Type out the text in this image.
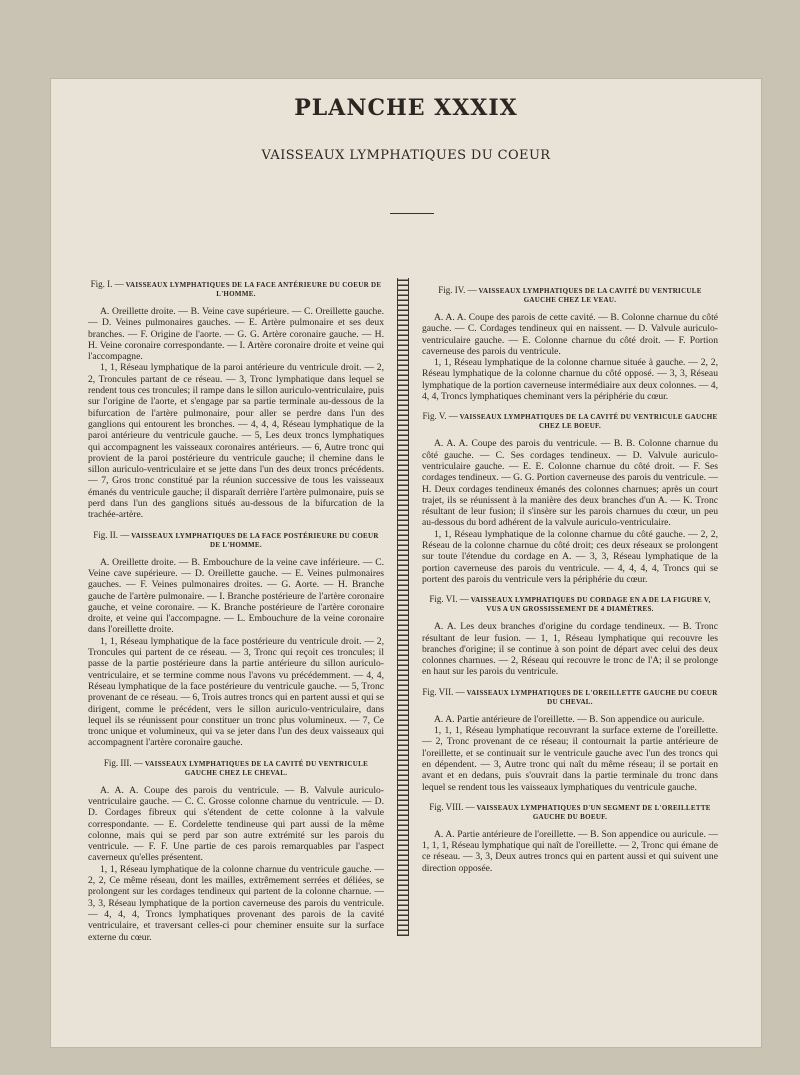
PLANCHE XXXIX
VAISSEAUX LYMPHATIQUES DU COEUR
Fig. I. — VAISSEAUX LYMPHATIQUES DE LA FACE ANTÉRIEURE DU COEUR DE L'HOMME.

A. Oreillette droite. — B. Veine cave supérieure. — C. Oreillette gauche. — D. Veines pulmonaires gauches. — E. Artère pulmonaire et ses deux branches. — F. Origine de l'aorte. — G. G. Artère coronaire gauche. — H. H. Veine coronaire correspondante. — I. Artère coronaire droite et veine qui l'accompagne.

1, 1, Réseau lymphatique de la paroi antérieure du ventricule droit. — 2, 2, Troncules partant de ce réseau. — 3, Tronc lymphatique dans lequel se rendent tous ces troncules; il rampe dans le sillon auriculo-ventriculaire, puis sur l'origine de l'aorte, et s'engage par sa partie terminale au-dessous de la bifurcation de l'artère pulmonaire, pour aller se perdre dans l'un des ganglions qui entourent les bronches. — 4, 4, 4, Réseau lymphatique de la paroi antérieure du ventricule gauche. — 5, Les deux troncs lymphatiques qui accompagnent les vaisseaux coronaires antérieurs. — 6, Autre tronc qui provient de la paroi postérieure du ventricule gauche; il chemine dans le sillon auriculo-ventriculaire et se jette dans l'un des deux troncs précédents. — 7, Gros tronc constitué par la réunion successive de tous les vaisseaux émanés du ventricule gauche; il disparaît derrière l'artère pulmonaire, puis se perd dans l'un des ganglions situés au-dessous de la bifurcation de la trachée-artère.

Fig. II. — VAISSEAUX LYMPHATIQUES DE LA FACE POSTÉRIEURE DU COEUR DE L'HOMME.

A. Oreillette droite. — B. Embouchure de la veine cave inférieure. — C. Veine cave supérieure. — D. Oreillette gauche. — E. Veines pulmonaires gauches. — F. Veines pulmonaires droites. — G. Aorte. — H. Branche gauche de l'artère pulmonaire. — I. Branche postérieure de l'artère coronaire gauche, et veine coronaire. — K. Branche postérieure de l'artère coronaire droite, et veine qui l'accompagne. — L. Embouchure de la veine coronaire dans l'oreillette droite.

1, 1, Réseau lymphatique de la face postérieure du ventricule droit. — 2, Troncules qui partent de ce réseau. — 3, Tronc qui reçoit ces troncules; il passe de la partie postérieure dans la partie antérieure du sillon auriculo-ventriculaire, et se termine comme nous l'avons vu précédemment. — 4, 4, Réseau lymphatique de la face postérieure du ventricule gauche. — 5, Tronc provenant de ce réseau. — 6, Trois autres troncs qui en partent aussi et qui se dirigent, comme le précédent, vers le sillon auriculo-ventriculaire, dans lequel ils se réunissent pour constituer un tronc plus volumineux. — 7, Ce tronc unique et volumineux, qui va se jeter dans l'un des deux vaisseaux qui accompagnent l'artère coronaire gauche.

Fig. III. — VAISSEAUX LYMPHATIQUES DE LA CAVITÉ DU VENTRICULE GAUCHE CHEZ LE CHEVAL.

A. A. A. Coupe des parois du ventricule. — B. Valvule auriculo-ventriculaire gauche. — C. C. Grosse colonne charnue du ventricule. — D. D. Cordages fibreux qui s'étendent de cette colonne à la valvule correspondante. — E. Cordelette tendineuse qui part aussi de la même colonne, mais qui se perd par son autre extrémité sur les parois du ventricule. — F. F. Une partie de ces parois remarquables par l'aspect caverneux qu'elles présentent.

1, 1, Réseau lymphatique de la colonne charnue du ventricule gauche. — 2, 2, Ce même réseau, dont les mailles, extrêmement serrées et déliées, se prolongent sur les cordages tendineux qui partent de la colonne charnue. — 3, 3, Réseau lymphatique de la portion caverneuse des parois du ventricule. — 4, 4, 4, Troncs lymphatiques provenant des parois de la cavité ventriculaire, et traversant celles-ci pour cheminer ensuite sur la surface externe du cœur.

Fig. IV. — VAISSEAUX LYMPHATIQUES DE LA CAVITÉ DU VENTRICULE GAUCHE CHEZ LE VEAU.

A. A. A. Coupe des parois de cette cavité. — B. Colonne charnue du côté gauche. — C. Cordages tendineux qui en naissent. — D. Valvule auriculo-ventriculaire gauche. — E. Colonne charnue du côté droit. — F. Portion caverneuse des parois du ventricule.

1, 1, Réseau lymphatique de la colonne charnue située à gauche. — 2, 2, Réseau lymphatique de la colonne charnue du côté opposé. — 3, 3, Réseau lymphatique de la portion caverneuse intermédiaire aux deux colonnes. — 4, 4, 4, Troncs lymphatiques cheminant vers la périphérie du cœur.

Fig. V. — VAISSEAUX LYMPHATIQUES DE LA CAVITÉ DU VENTRICULE GAUCHE CHEZ LE BOEUF.

A. A. A. Coupe des parois du ventricule. — B. B. Colonne charnue du côté gauche. — C. Ses cordages tendineux. — D. Valvule auriculo-ventriculaire gauche. — E. E. Colonne charnue du côté droit. — F. Ses cordages tendineux. — G. G. Portion caverneuse des parois du ventricule. — H. Deux cordages tendineux émanés des colonnes charnues; après un court trajet, ils se réunissent à la manière des deux branches d'un A. — K. Tronc résultant de leur fusion; il s'insère sur les parois charnues du cœur, un peu au-dessous du bord adhérent de la valvule auriculo-ventriculaire.

1, 1, Réseau lymphatique de la colonne charnue du côté gauche. — 2, 2, Réseau de la colonne charnue du côté droit; ces deux réseaux se prolongent sur toute l'étendue du cordage en A. — 3, 3, Réseau lymphatique de la portion caverneuse des parois du ventricule. — 4, 4, 4, 4, Troncs qui se portent des parois du ventricule vers la périphérie du cœur.

Fig. VI. — VAISSEAUX LYMPHATIQUES DU CORDAGE EN A DE LA FIGURE V, VUS A UN GROSSISSEMENT DE 4 DIAMÈTRES.

A. A. Les deux branches d'origine du cordage tendineux. — B. Tronc résultant de leur fusion. — 1, 1, Réseau lymphatique qui recouvre les branches d'origine; il se continue à son point de départ avec celui des deux colonnes charnues. — 2, Réseau qui recouvre le tronc de l'A; il se prolonge en haut sur les parois du ventricule.

Fig. VII. — VAISSEAUX LYMPHATIQUES DE L'OREILLETTE GAUCHE DU COEUR DU CHEVAL.

A. A. Partie antérieure de l'oreillette. — B. Son appendice ou auricule.

1, 1, 1, Réseau lymphatique recouvrant la surface externe de l'oreillette. — 2, Tronc provenant de ce réseau; il contournait la partie antérieure de l'oreillette, et se continuait sur le ventricule gauche avec l'un des troncs qui en dépendent. — 3, Autre tronc qui naît du même réseau; il se portait en avant et en dedans, puis s'ouvrait dans la partie terminale du tronc dans lequel se rendent tous les vaisseaux lymphatiques du ventricule gauche.

Fig. VIII. — VAISSEAUX LYMPHATIQUES D'UN SEGMENT DE L'OREILLETTE GAUCHE DU BOEUF.

A. A. Partie antérieure de l'oreillette. — B. Son appendice ou auricule. — 1, 1, 1, Réseau lymphatique qui naît de l'oreillette. — 2, Tronc qui émane de ce réseau. — 3, 3, Deux autres troncs qui en partent aussi et qui suivent une direction opposée.
